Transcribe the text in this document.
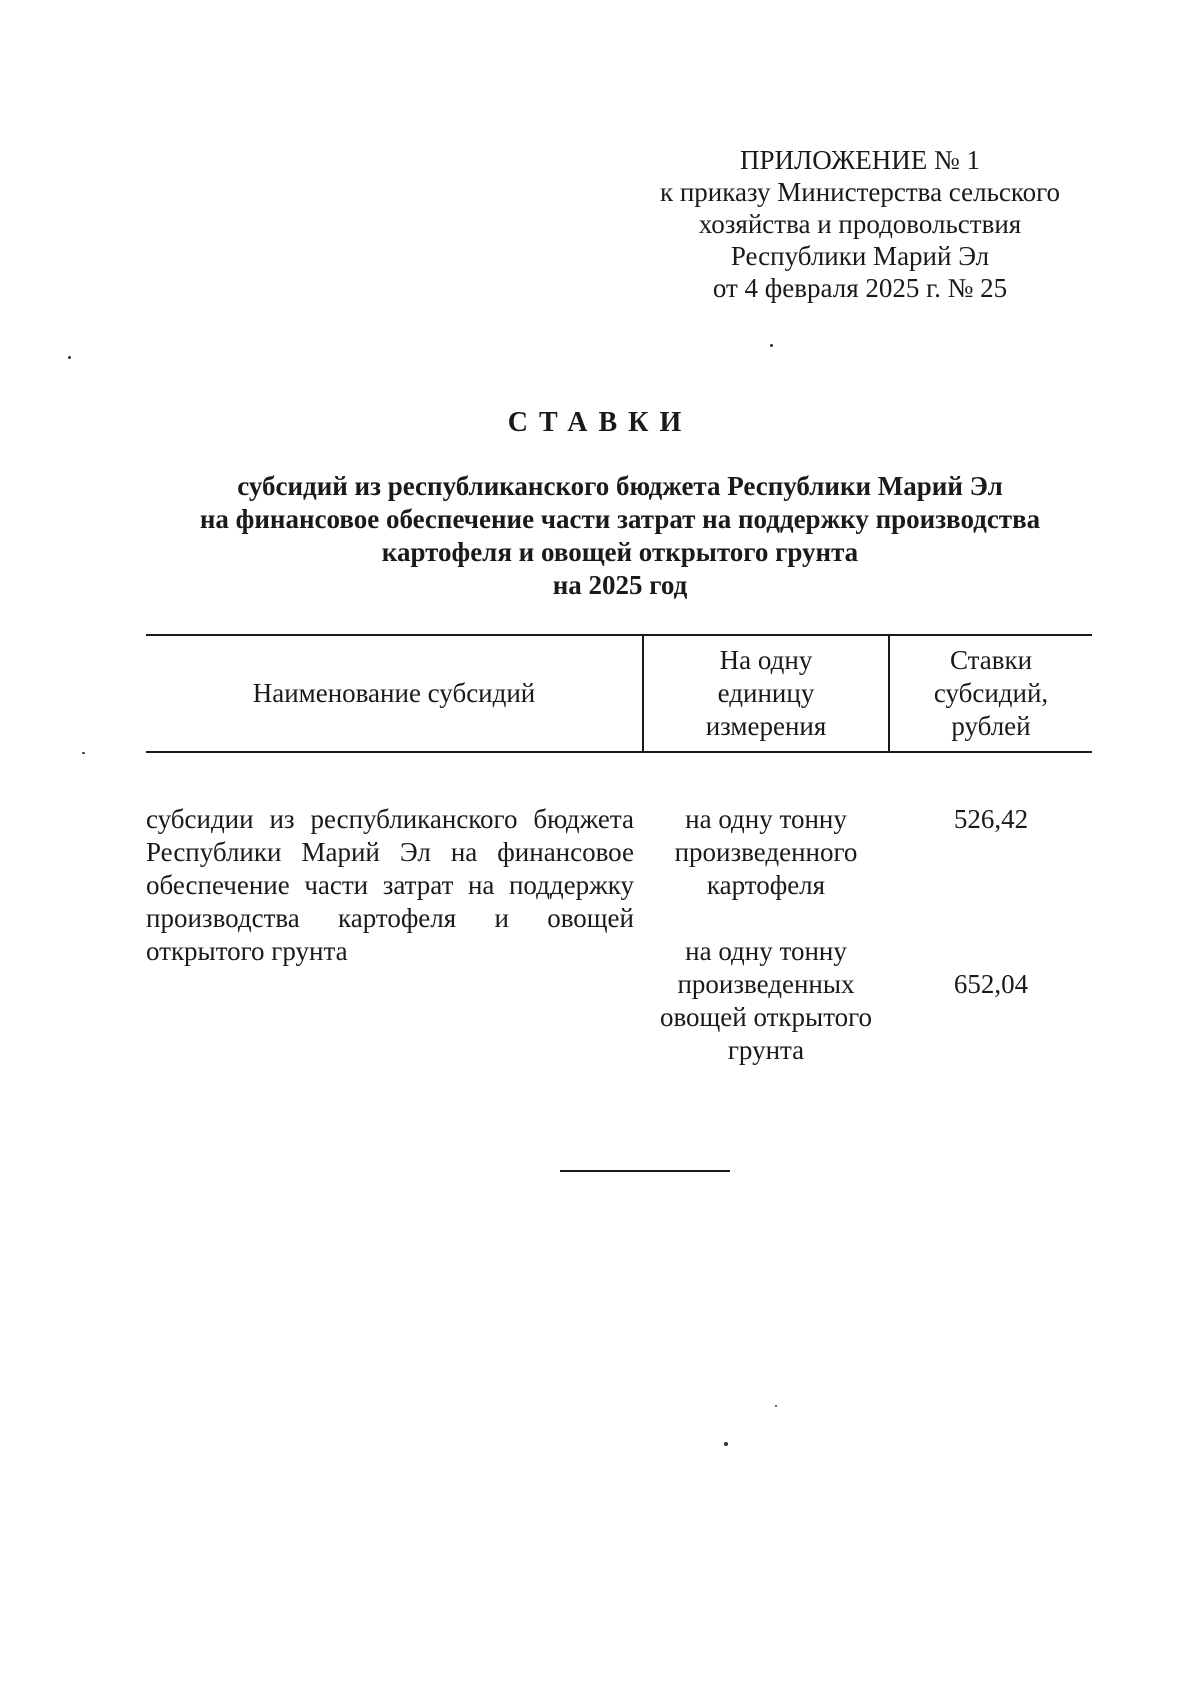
ПРИЛОЖЕНИЕ № 1
к приказу Министерства сельского
хозяйства и продовольствия
Республики Марий Эл
от 4 февраля 2025 г. № 25
СТАВКИ
субсидий из республиканского бюджета Республики Марий Эл
на финансовое обеспечение части затрат на поддержку производства
картофеля и овощей открытого грунта
на 2025 год
Наименование субсидий
На одну
единицу
измерения
Ставки
субсидий,
рублей
субсидии из республиканского бюджета Республики Марий Эл на финансовое обеспечение части затрат на поддержку производства картофеля и овощей открытого грунта
на одну тонну
произведенного
картофеля
526,42
на одну тонну
произведенных
овощей открытого
грунта
652,04
